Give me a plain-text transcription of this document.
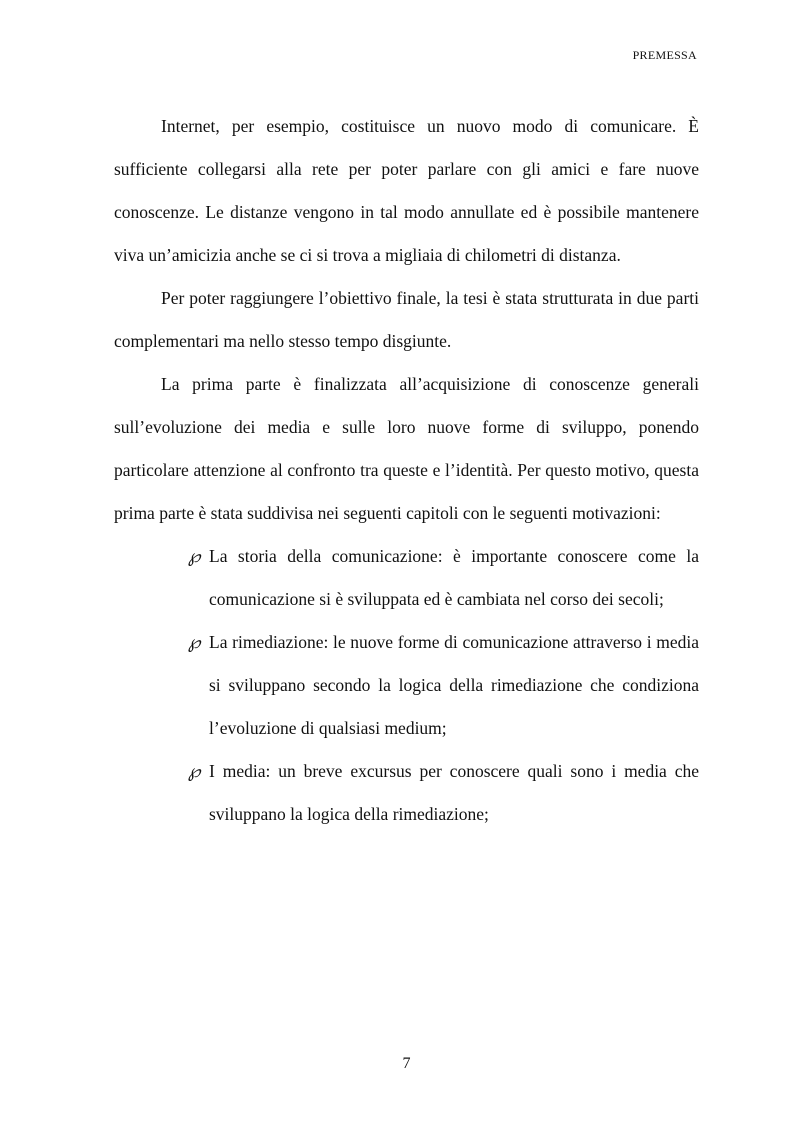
PREMESSA

Internet, per esempio, costituisce un nuovo modo di comunicare. È sufficiente collegarsi alla rete per poter parlare con gli amici e fare nuove conoscenze. Le distanze vengono in tal modo annullate ed è possibile mantenere viva un’amicizia anche se ci si trova a migliaia di chilometri di distanza.

Per poter raggiungere l’obiettivo finale, la tesi è stata strutturata in due parti complementari ma nello stesso tempo disgiunte.

La prima parte è finalizzata all’acquisizione di conoscenze generali sull’evoluzione dei media e sulle loro nuove forme di sviluppo, ponendo particolare attenzione al confronto tra queste e l’identità. Per questo motivo, questa prima parte è stata suddivisa nei seguenti capitoli con le seguenti motivazioni:

℘ La storia della comunicazione: è importante conoscere come la comunicazione si è sviluppata ed è cambiata nel corso dei secoli;
℘ La rimediazione: le nuove forme di comunicazione attraverso i media si sviluppano secondo la logica della rimediazione che condiziona l’evoluzione di qualsiasi medium;
℘ I media: un breve excursus per conoscere quali sono i media che sviluppano la logica della rimediazione;
7
